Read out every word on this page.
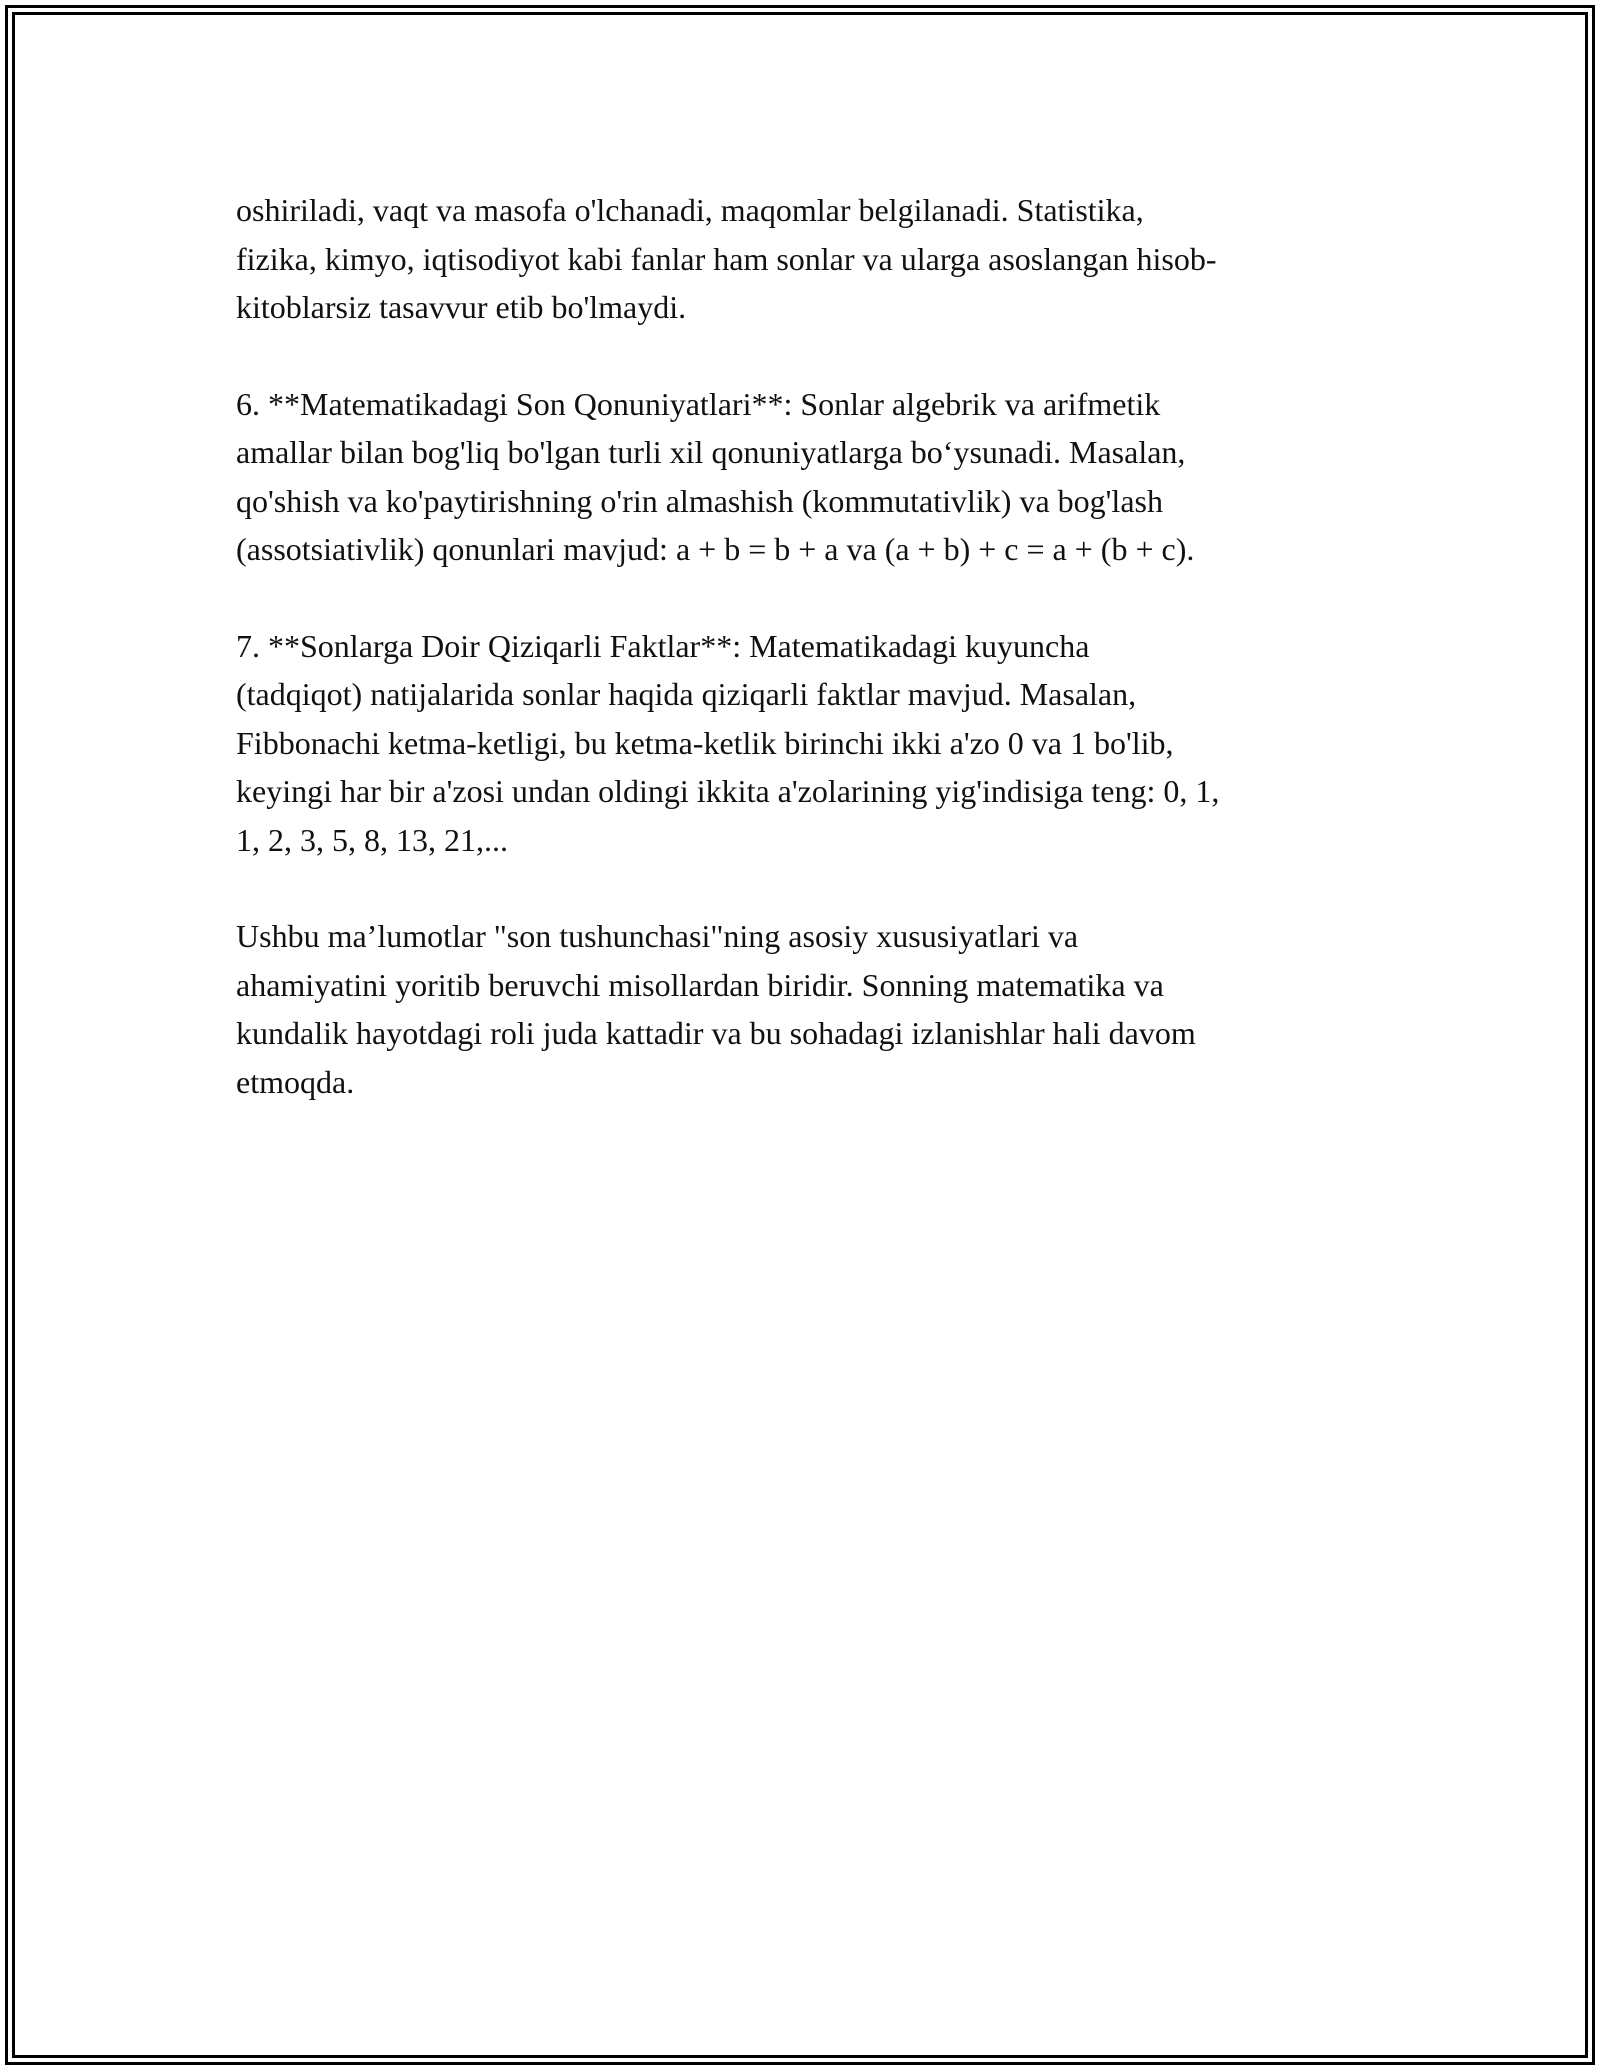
oshiriladi, vaqt va masofa o'lchanadi, maqomlar belgilanadi. Statistika,
fizika, kimyo, iqtisodiyot kabi fanlar ham sonlar va ularga asoslangan hisob-
kitoblarsiz tasavvur etib bo'lmaydi.

6. **Matematikadagi Son Qonuniyatlari**: Sonlar algebrik va arifmetik
amallar bilan bog'liq bo'lgan turli xil qonuniyatlarga bo‘ysunadi. Masalan,
qo'shish va ko'paytirishning o'rin almashish (kommutativlik) va bog'lash
(assotsiativlik) qonunlari mavjud: a + b = b + a va (a + b) + c = a + (b + c).

7. **Sonlarga Doir Qiziqarli Faktlar**: Matematikadagi kuyuncha
(tadqiqot) natijalarida sonlar haqida qiziqarli faktlar mavjud. Masalan,
Fibbonachi ketma-ketligi, bu ketma-ketlik birinchi ikki a'zo 0 va 1 bo'lib,
keyingi har bir a'zosi undan oldingi ikkita a'zolarining yig'indisiga teng: 0, 1,
1, 2, 3, 5, 8, 13, 21,...

Ushbu ma’lumotlar "son tushunchasi"ning asosiy xususiyatlari va
ahamiyatini yoritib beruvchi misollardan biridir. Sonning matematika va
kundalik hayotdagi roli juda kattadir va bu sohadagi izlanishlar hali davom
etmoqda.
